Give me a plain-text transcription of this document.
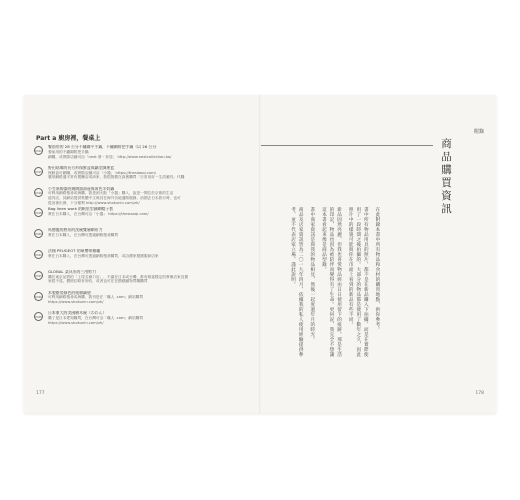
Part a 廚房裡，餐桌上
P.012
餐前用的 28 公分不鏽鋼平手鍋，不鏽鋼附把手鍋（以 26 公分
餐前用的不鏽鋼附把手鍋
網購，或實際店鋪可洽「next 發・家居」 http://www.nextcollection.tw/
P.015
野田琺瑯的長方形保鮮盒與鍋型調理盆
保鮮盒可網購，或實際店鋪可洽「小器」 https://thesiaoqi.com/
廣形網路通平常有賣麵店或商家，我很推薦在資裏購買「日常用好一生清澈具」代購
P.016
小笠原陶器的燒陶器湯壺與黃色羊奶鍋
可利用網路搜尋或海購，我是到大阪「小器」購入，說是一間位於京都的生活
道具店，其網站提供集體中文與其在海外各地通路服務，前期去日本旅行時，也可
從這裡出發，十分便利 http://www.shokunin.com/zh/
P.018
Bag linen work 的帆堅型鑄網帽子套
實在日本購入，在台灣可洽「小器」 https://thesiaoqi.com/
P.020
馬德龍的熟布的洗碗雙層網布刀
實在日本購入，在台灣可透過網路搜尋購買
P.021
法國 PEUGEOT 的研磨胡椒罐
實在日本購入，在台灣可透過網路搜尋購買，或洽國家製國服商店家
P.025
GLOBAL 菜具系的三用剪刀
購於東京品質的「上尾名寮刀店」，不讓在日本或台灣，都有相當穩定的實像店家及賣
家經不遠，價格位略有所收，或者也可在在國藝鐵物買購購買
P.026
木製廚房綠色的純棉鍋墊
可利用網路搜尋或海購，我刊是在「職人 .com」網站購買
https://www.shokunin.com/zh/
P.028
日本東大的美國樹木碗（わわん）
購了是日本愛知購買，在台灣可洽「職人 .com」網站購買
https://www.shokunin.com/zh/
177
附錄
商品購買資訊

在此附錄本書中所有物品和食材的購買地點，供你參考。

書中所有物品用具的照片，都不是在新品購入下拍攝，而是在實際使用了一段時間之後拍攝的。大部分的物品都是使用了數年之久，因此照片中的樣貌可能與你在市面上看到的新品有些不同。

新品固然亮麗，但我也喜愛物品經由日日使用留下的痕跡。那是生活的印記，物品也因為被陪伴而變得有了生命。更何況，我完全不想讓這本書看起來像是商品型錄。

書中商家資訊是與我的物品相見，然後一起度過年月的時光。

商品及店家資訊皆為二〇一九年四月，依據我的私人使用經驗提供參考，並不代表店家立場，謹此說明。

178
